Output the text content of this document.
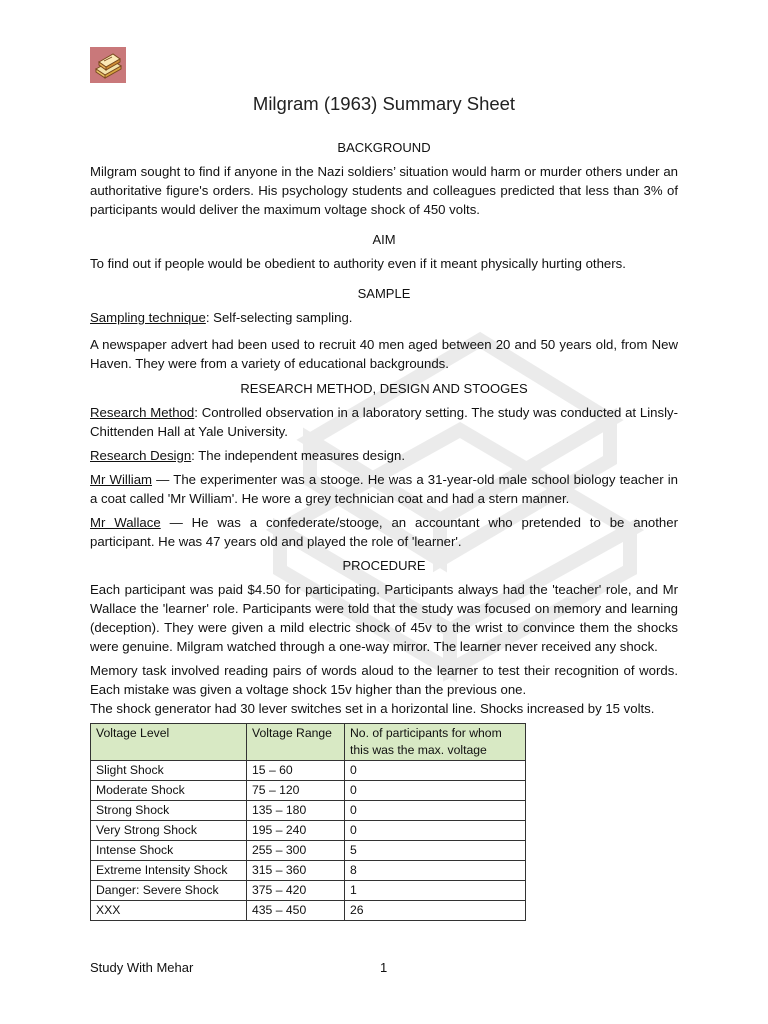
Milgram (1963) Summary Sheet

BACKGROUND

Milgram sought to find if anyone in the Nazi soldiers’ situation would harm or murder others under an authoritative figure's orders. His psychology students and colleagues predicted that less than 3% of participants would deliver the maximum voltage shock of 450 volts.

AIM

To find out if people would be obedient to authority even if it meant physically hurting others.

SAMPLE

Sampling technique: Self-selecting sampling.

A newspaper advert had been used to recruit 40 men aged between 20 and 50 years old, from New Haven. They were from a variety of educational backgrounds.

RESEARCH METHOD, DESIGN AND STOOGES

Research Method: Controlled observation in a laboratory setting. The study was conducted at Linsly-Chittenden Hall at Yale University.

Research Design: The independent measures design.

Mr William — The experimenter was a stooge. He was a 31-year-old male school biology teacher in a coat called 'Mr William'. He wore a grey technician coat and had a stern manner.

Mr Wallace — He was a confederate/stooge, an accountant who pretended to be another participant. He was 47 years old and played the role of 'learner'.

PROCEDURE

Each participant was paid $4.50 for participating. Participants always had the 'teacher' role, and Mr Wallace the 'learner' role. Participants were told that the study was focused on memory and learning (deception). They were given a mild electric shock of 45v to the wrist to convince them the shocks were genuine. Milgram watched through a one-way mirror. The learner never received any shock.

Memory task involved reading pairs of words aloud to the learner to test their recognition of words. Each mistake was given a voltage shock 15v higher than the previous one.

The shock generator had 30 lever switches set in a horizontal line. Shocks increased by 15 volts.

Voltage Level	Voltage Range	No. of participants for whom this was the max. voltage
Slight Shock	15 – 60	0
Moderate Shock	75 – 120	0
Strong Shock	135 – 180	0
Very Strong Shock	195 – 240	0
Intense Shock	255 – 300	5
Extreme Intensity Shock	315 – 360	8
Danger: Severe Shock	375 – 420	1
XXX	435 – 450	26
Study With Mehar	1
